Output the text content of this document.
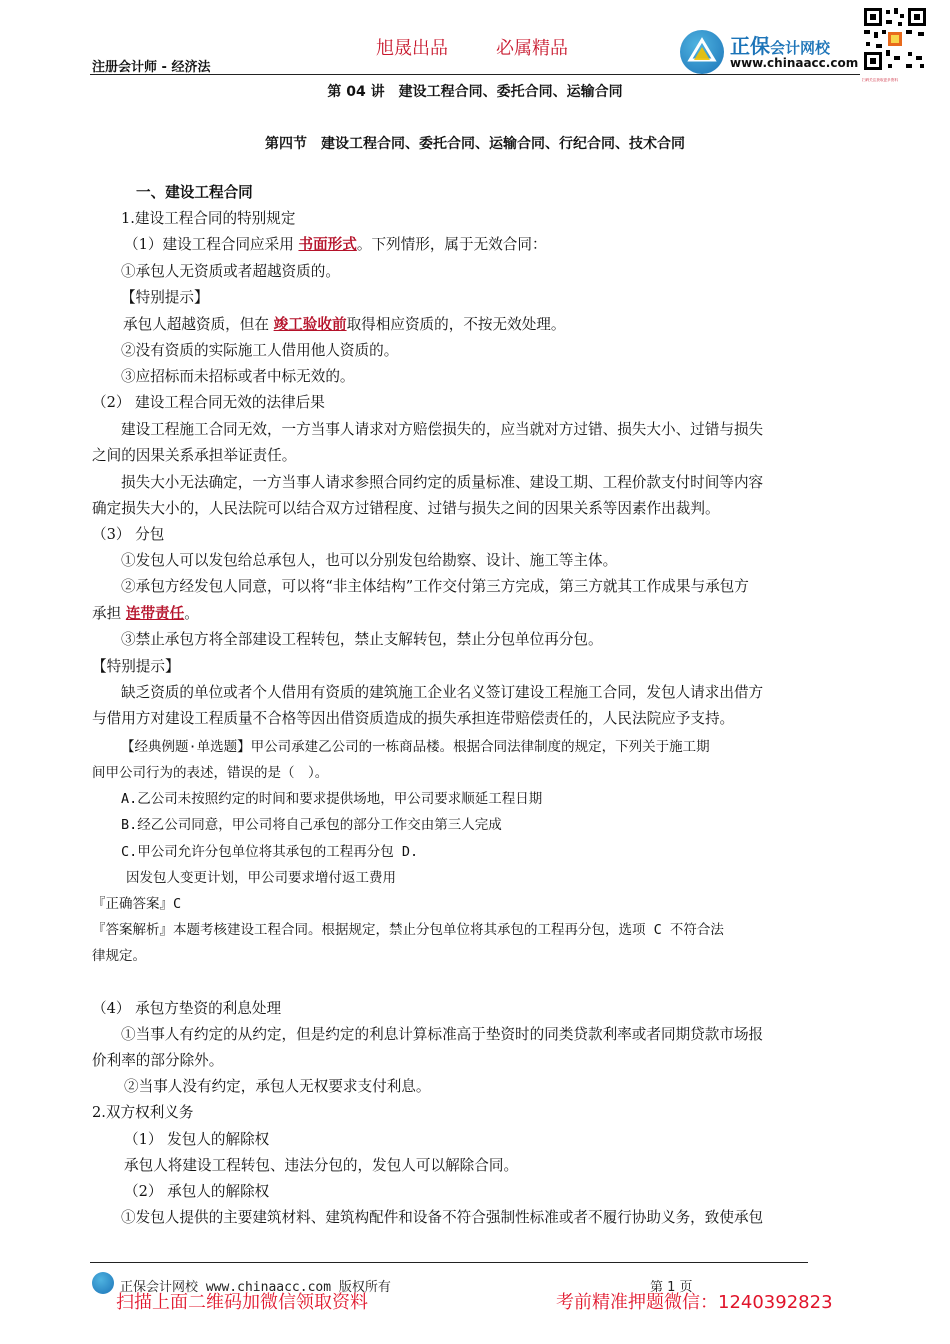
旭晟出品	必属精品
注册会计师 - 经济法
正保会计网校
www.chinaacc.com
扫码关注获取更多资料
第 04 讲　建设工程合同、委托合同、运输合同
第四节　建设工程合同、委托合同、运输合同、行纪合同、技术合同
一、建设工程合同
1.建设工程合同的特别规定
（1）建设工程合同应采用 书面形式。下列情形，属于无效合同：
①承包人无资质或者超越资质的。
【特别提示】
承包人超越资质，但在 竣工验收前取得相应资质的，不按无效处理。
②没有资质的实际施工人借用他人资质的。
③应招标而未招标或者中标无效的。
（2） 建设工程合同无效的法律后果
建设工程施工合同无效，一方当事人请求对方赔偿损失的，应当就对方过错、损失大小、过错与损失
之间的因果关系承担举证责任。
损失大小无法确定，一方当事人请求参照合同约定的质量标准、建设工期、工程价款支付时间等内容
确定损失大小的，人民法院可以结合双方过错程度、过错与损失之间的因果关系等因素作出裁判。
（3） 分包
①发包人可以发包给总承包人，也可以分别发包给勘察、设计、施工等主体。
②承包方经发包人同意，可以将“非主体结构”工作交付第三方完成，第三方就其工作成果与承包方
承担 连带责任。
③禁止承包方将全部建设工程转包，禁止支解转包，禁止分包单位再分包。
【特别提示】
缺乏资质的单位或者个人借用有资质的建筑施工企业名义签订建设工程施工合同，发包人请求出借方
与借用方对建设工程质量不合格等因出借资质造成的损失承担连带赔偿责任的，人民法院应予支持。
【经典例题·单选题】甲公司承建乙公司的一栋商品楼。根据合同法律制度的规定，下列关于施工期
间甲公司行为的表述，错误的是（　）。
A.乙公司未按照约定的时间和要求提供场地，甲公司要求顺延工程日期
B.经乙公司同意，甲公司将自己承包的部分工作交由第三人完成
C.甲公司允许分包单位将其承包的工程再分包 D.
因发包人变更计划，甲公司要求增付返工费用
『正确答案』C
『答案解析』本题考核建设工程合同。根据规定，禁止分包单位将其承包的工程再分包，选项 C 不符合法
律规定。
（4） 承包方垫资的利息处理
①当事人有约定的从约定，但是约定的利息计算标准高于垫资时的同类贷款利率或者同期贷款市场报
价利率的部分除外。
②当事人没有约定，承包人无权要求支付利息。
2.双方权利义务
（1） 发包人的解除权
承包人将建设工程转包、违法分包的，发包人可以解除合同。
（2） 承包人的解除权
①发包人提供的主要建筑材料、建筑构配件和设备不符合强制性标准或者不履行协助义务，致使承包
正保会计网校 www.chinaacc.com 版权所有	第 1 页
扫描上面二维码加微信领取资料	考前精准押题微信：1240392823
